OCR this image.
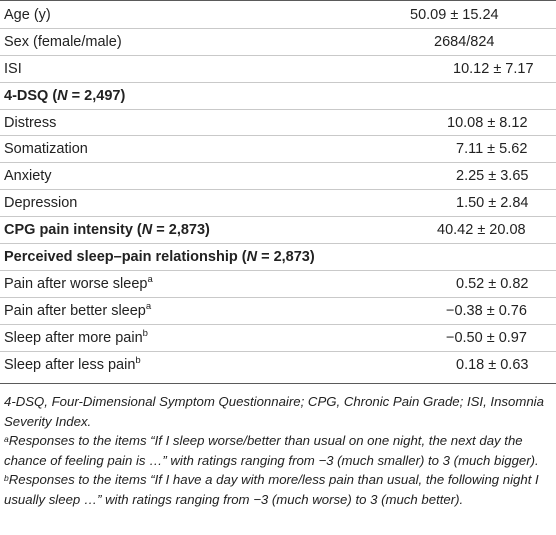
Age (y)	50.09 ± 15.24
Sex (female/male)	2684/824
ISI	10.12 ± 7.17
4-DSQ (N = 2,497)
Distress	10.08 ± 8.12
Somatization	7.11 ± 5.62
Anxiety	2.25 ± 3.65
Depression	1.50 ± 2.84
CPG pain intensity (N = 2,873)	40.42 ± 20.08
Perceived sleep–pain relationship (N = 2,873)
Pain after worse sleep$^a$	0.52 ± 0.82
Pain after better sleep$^a$	−0.38 ± 0.76
Sleep after more pain$^b$	−0.50 ± 0.97
Sleep after less pain$^b$	0.18 ± 0.63

4-DSQ, Four-Dimensional Symptom Questionnaire; CPG, Chronic Pain Grade; ISI, Insomnia Severity Index.

$^a$Responses to the items “If I sleep worse/better than usual on one night, the next day the chance of feeling pain is …” with ratings ranging from −3 (much smaller) to 3 (much bigger).

$^b$Responses to the items “If I have a day with more/less pain than usual, the following night I usually sleep …” with ratings ranging from −3 (much worse) to 3 (much better).
